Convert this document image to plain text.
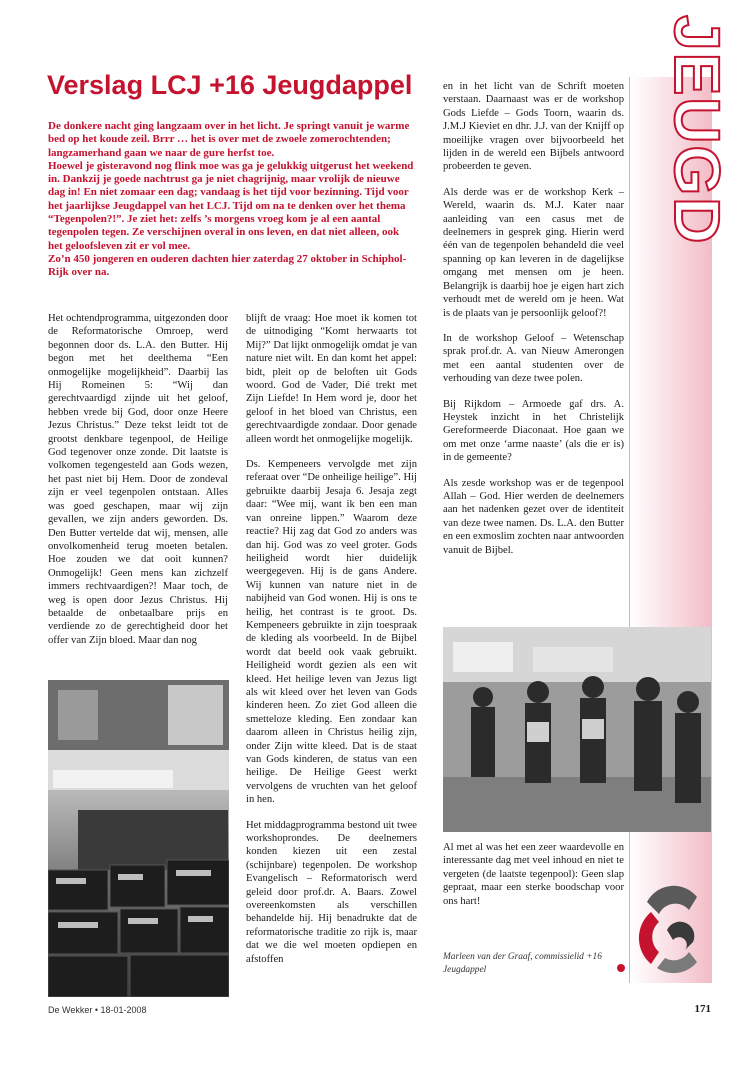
JEUGD
Verslag LCJ +16 Jeugdappel

De donkere nacht ging langzaam over in het licht. Je springt vanuit je warme bed op het koude zeil. Brrr … het is over met de zwoele zomerochtenden; langzamerhand gaan we naar de gure herfst toe.

Hoewel je gisteravond nog flink moe was ga je gelukkig uitgerust het weekend in. Dankzij je goede nachtrust ga je niet chagrijnig, maar vrolijk de nieuwe dag in! En niet zomaar een dag; vandaag is het tijd voor bezinning. Tijd voor het jaarlijkse Jeugdappel van het LCJ. Tijd om na te denken over het thema “Tegenpolen?!”. Je ziet het: zelfs ’s morgens vroeg kom je al een aantal tegenpolen tegen. Ze verschijnen overal in ons leven, en dat niet alleen, ook het geloofsleven zit er vol mee.

Zo’n 450 jongeren en ouderen dachten hier zaterdag 27 oktober in Schiphol-Rijk over na.

Het ochtendprogramma, uitgezonden door de Reformatorische Omroep, werd begonnen door ds. L.A. den Butter. Hij begon met het deelthema “Een onmogelijke mogelijkheid”. Daarbij las Hij Romeinen 5: “Wij dan gerechtvaardigd zijnde uit het geloof, hebben vrede bij God, door onze Heere Jezus Christus.” Deze tekst leidt tot de grootst denkbare tegenpool, de Heilige God tegenover onze zonde. Dit laatste is volkomen tegengesteld aan Gods wezen, het past niet bij Hem. Door de zondeval zijn er veel tegenpolen ontstaan. Alles was goed geschapen, maar wij zijn gevallen, we zijn anders geworden. Ds. Den Butter vertelde dat wij, mensen, alle onvolkomenheid terug moeten betalen. Hoe zouden we dat ooit kunnen? Onmogelijk! Geen mens kan zichzelf immers rechtvaardigen?! Maar toch, de weg is open door Jezus Christus. Hij betaalde de onbetaalbare prijs en verdiende zo de gerechtigheid door het offer van Zijn bloed. Maar dan nog

blijft de vraag: Hoe moet ik komen tot de uitnodiging “Komt herwaarts tot Mij?” Dat lijkt onmogelijk omdat je van nature niet wilt. En dan komt het appel: bidt, pleit op de beloften uit Gods woord. God de Vader, Dié trekt met Zijn Liefde! In Hem word je, door het geloof in het bloed van Christus, een gerechtvaardigde zondaar. Door genade alleen wordt het onmogelijke mogelijk.

Ds. Kempeneers vervolgde met zijn referaat over “De onheilige heilige”. Hij gebruikte daarbij Jesaja 6. Jesaja zegt daar: “Wee mij, want ik ben een man van onreine lippen.” Waarom deze reactie? Hij zag dat God zo anders was dan hij. God was zo veel groter. Gods heiligheid wordt hier duidelijk weergegeven. Hij is de gans Andere. Wij kunnen van nature niet in de nabijheid van God wonen. Hij is ons te heilig, het contrast is te groot. Ds. Kempeneers gebruikte in zijn toespraak de kleding als voorbeeld. In de Bijbel wordt dat beeld ook vaak gebruikt. Heiligheid wordt gezien als een wit kleed. Het heilige leven van Jezus ligt als wit kleed over het leven van Gods kinderen heen. Zo ziet God alleen die smetteloze kleding. Een zondaar kan daarom alleen in Christus heilig zijn, onder Zijn witte kleed. Dat is de staat van Gods kinderen, de status van een heilige. De Heilige Geest werkt vervolgens de vruchten van het geloof in hen.

Het middagprogramma bestond uit twee workshoprondes. De deelnemers konden kiezen uit een zestal (schijnbare) tegenpolen. De workshop Evangelisch – Reformatorisch werd geleid door prof.dr. A. Baars. Zowel overeenkomsten als verschillen behandelde hij. Hij benadrukte dat de reformatorische traditie zo rijk is, maar dat we die wel moeten opdiepen en afstoffen

en in het licht van de Schrift moeten verstaan. Daarnaast was er de workshop Gods Liefde – Gods Toorn, waarin ds. J.M.J Kieviet en dhr. J.J. van der Knijff op moeilijke vragen over bijvoorbeeld het lijden in de wereld een Bijbels antwoord probeerden te geven.

Als derde was er de workshop Kerk – Wereld, waarin ds. M.J. Kater naar aanleiding van een casus met de deelnemers in gesprek ging. Hierin werd één van de tegenpolen behandeld die veel spanning op kan leveren in de dagelijkse omgang met mensen om je heen. Belangrijk is daarbij hoe je eigen hart zich verhoudt met de wereld om je heen. Wat is de plaats van je persoonlijk geloof?!

In de workshop Geloof – Wetenschap sprak prof.dr. A. van Nieuw Amerongen met een aantal studenten over de verhouding van deze twee polen.

Bij Rijkdom – Armoede gaf drs. A. Heystek inzicht in het Christelijk Gereformeerde Diaconaat. Hoe gaan we om met onze ‘arme naaste’ (als die er is) in de gemeente?

Als zesde workshop was er de tegenpool Allah – God. Hier werden de deelnemers aan het nadenken gezet over de identiteit van deze twee namen. Ds. L.A. den Butter en een exmoslim zochten naar antwoorden vanuit de Bijbel.

Al met al was het een zeer waardevolle en interessante dag met veel inhoud en niet te vergeten (de laatste tegenpool): Geen slap gepraat, maar een sterke boodschap voor ons hart!
Marleen van der Graaf, commissielid +16 Jeugdappel
De Wekker • 18-01-2008	171
